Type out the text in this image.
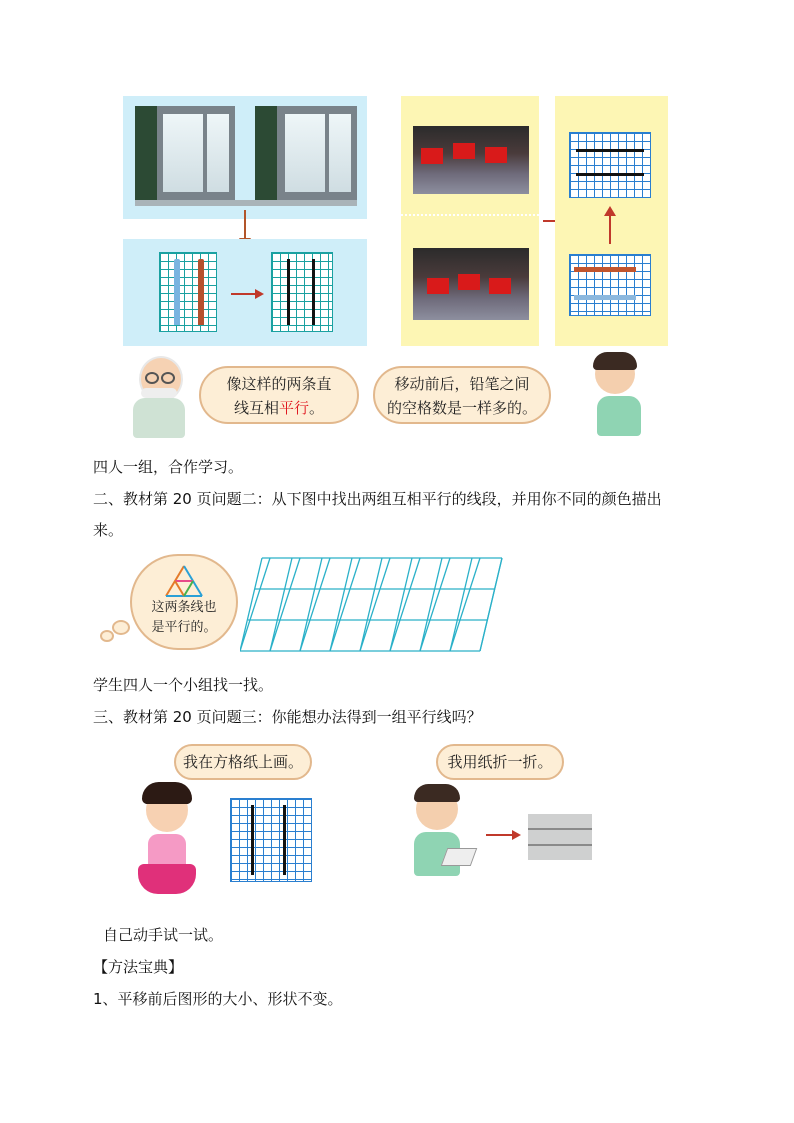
像这样的两条直
线互相平行。
移动前后，铅笔之间
的空格数是一样多的。
四人一组，合作学习。
二、教材第 20 页问题二：从下图中找出两组互相平行的线段，并用你不同的颜色描出
来。
这两条线也
是平行的。
学生四人一个小组找一找。
三、教材第 20 页问题三：你能想办法得到一组平行线吗？
我在方格纸上画。	我用纸折一折。
自己动手试一试。
【方法宝典】
1、平移前后图形的大小、形状不变。
